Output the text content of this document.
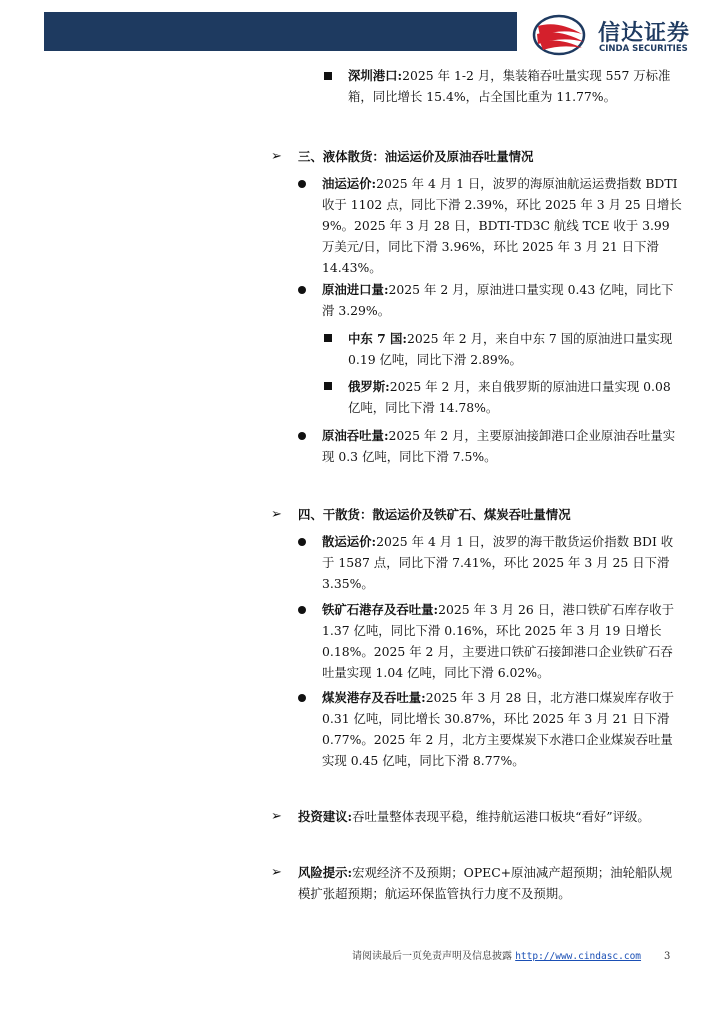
信达证券
CINDA SECURITIES
深圳港口:2025 年 1-2 月，集装箱吞吐量实现 557 万标准箱，同比增长 15.4%，占全国比重为 11.77%。
➢ 三、液体散货：油运运价及原油吞吐量情况
油运运价:2025 年 4 月 1 日，波罗的海原油航运运费指数 BDTI 收于 1102 点，同比下滑 2.39%，环比 2025 年 3 月 25 日增长 9%。2025 年 3 月 28 日，BDTI-TD3C 航线 TCE 收于 3.99 万美元/日，同比下滑 3.96%，环比 2025 年 3 月 21 日下滑 14.43%。
原油进口量:2025 年 2 月，原油进口量实现 0.43 亿吨，同比下滑 3.29%。
中东 7 国:2025 年 2 月，来自中东 7 国的原油进口量实现 0.19 亿吨，同比下滑 2.89%。
俄罗斯:2025 年 2 月，来自俄罗斯的原油进口量实现 0.08 亿吨，同比下滑 14.78%。
原油吞吐量:2025 年 2 月，主要原油接卸港口企业原油吞吐量实现 0.3 亿吨，同比下滑 7.5%。
➢ 四、干散货：散运运价及铁矿石、煤炭吞吐量情况
散运运价:2025 年 4 月 1 日，波罗的海干散货运价指数 BDI 收于 1587 点，同比下滑 7.41%，环比 2025 年 3 月 25 日下滑 3.35%。
铁矿石港存及吞吐量:2025 年 3 月 26 日，港口铁矿石库存收于 1.37 亿吨，同比下滑 0.16%，环比 2025 年 3 月 19 日增长 0.18%。2025 年 2 月，主要进口铁矿石接卸港口企业铁矿石吞吐量实现 1.04 亿吨，同比下滑 6.02%。
煤炭港存及吞吐量:2025 年 3 月 28 日，北方港口煤炭库存收于 0.31 亿吨，同比增长 30.87%，环比 2025 年 3 月 21 日下滑 0.77%。2025 年 2 月，北方主要煤炭下水港口企业煤炭吞吐量实现 0.45 亿吨，同比下滑 8.77%。
➢ 投资建议:吞吐量整体表现平稳，维持航运港口板块“看好”评级。
➢ 风险提示:宏观经济不及预期；OPEC+原油减产超预期；油轮船队规模扩张超预期；航运环保监管执行力度不及预期。
请阅读最后一页免责声明及信息披露 http://www.cindasc.com 3
